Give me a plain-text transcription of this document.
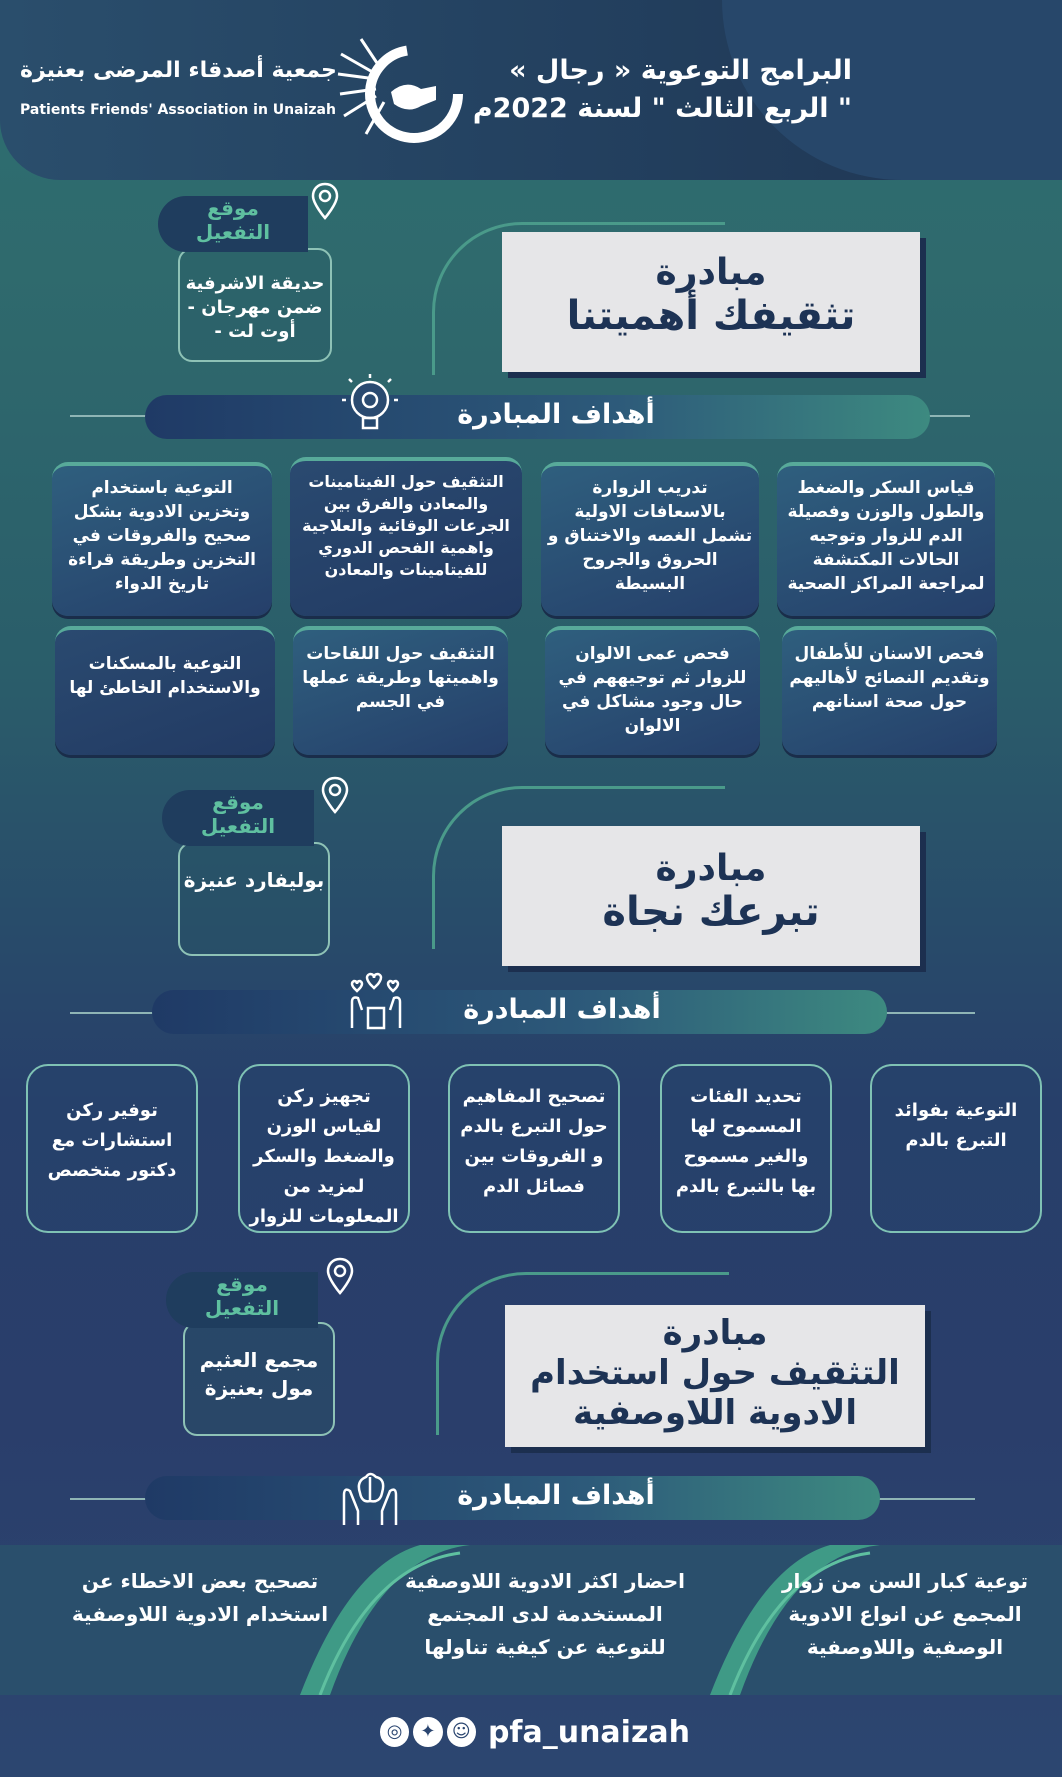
البرامج التوعوية « رجال »
" الربع الثالث " لسنة 2022م
جمعية أصدقاء المرضى بعنيزة
Patients Friends' Association in Unaizah
مبادرة
تثقيفك أهميتنا
حديقة الاشرفية ضمن مهرجان - أوت لت -
موقع
التفعيل
أهداف المبادرة
قياس السكر والضغط والطول والوزن وفصيلة الدم للزوار وتوجيه الحالات المكتشفة لمراجعة المراكز الصحية
تدريب الزوارة بالاسعافات الاولية تشمل الغصه والاختناق و الحروق والجروح البسيطة
التثقيف حول الفيتامينات والمعادن والفرق بين الجرعات الوقائية والعلاجية واهمية الفحص الدوري للفيتامينات والمعادن
التوعية باستخدام وتخزين الادوية بشكل صحيح والفروقات في التخزين وطريقة قراءة تاريخ الدواء
فحص الاسنان للأطفال وتقديم النصائح لأهاليهم حول صحة اسنانهم
فحص عمى الالوان للزوار ثم توجيههم في حال وجود مشاكل في الالوان
التثقيف حول اللقاحات واهميتها وطريقة عملها في الجسم
التوعية بالمسكنات والاستخدام الخاطئ لها
مبادرة
تبرعك نجاة
بوليفارد عنيزة
موقع
التفعيل
أهداف المبادرة
التوعية بفوائد التبرع بالدم
تحديد الفئات المسموح لها والغير مسموح بها بالتبرع بالدم
تصحيح المفاهيم حول التبرع بالدم و الفروقات بين فصائل الدم
تجهيز ركن لقياس الوزن والضغط والسكر لمزيد من المعلومات للزوار
توفير ركن استشارات مع دكتور متخصص
مبادرة
التثقيف حول استخدام
الادوية اللاوصفية
مجمع العثيم مول بعنيزة
موقع
التفعيل
أهداف المبادرة
توعية كبار السن من زوار المجمع عن انواع الادوية الوصفية واللاوصفية
احضار اكثر الادوية اللاوصفية المستخدمة لدى المجتمع للتوعية عن كيفية تناولها
تصحيح بعض الاخطاء عن استخدام الادوية اللاوصفية
◎ ✦ ☺ pfa_unaizah
